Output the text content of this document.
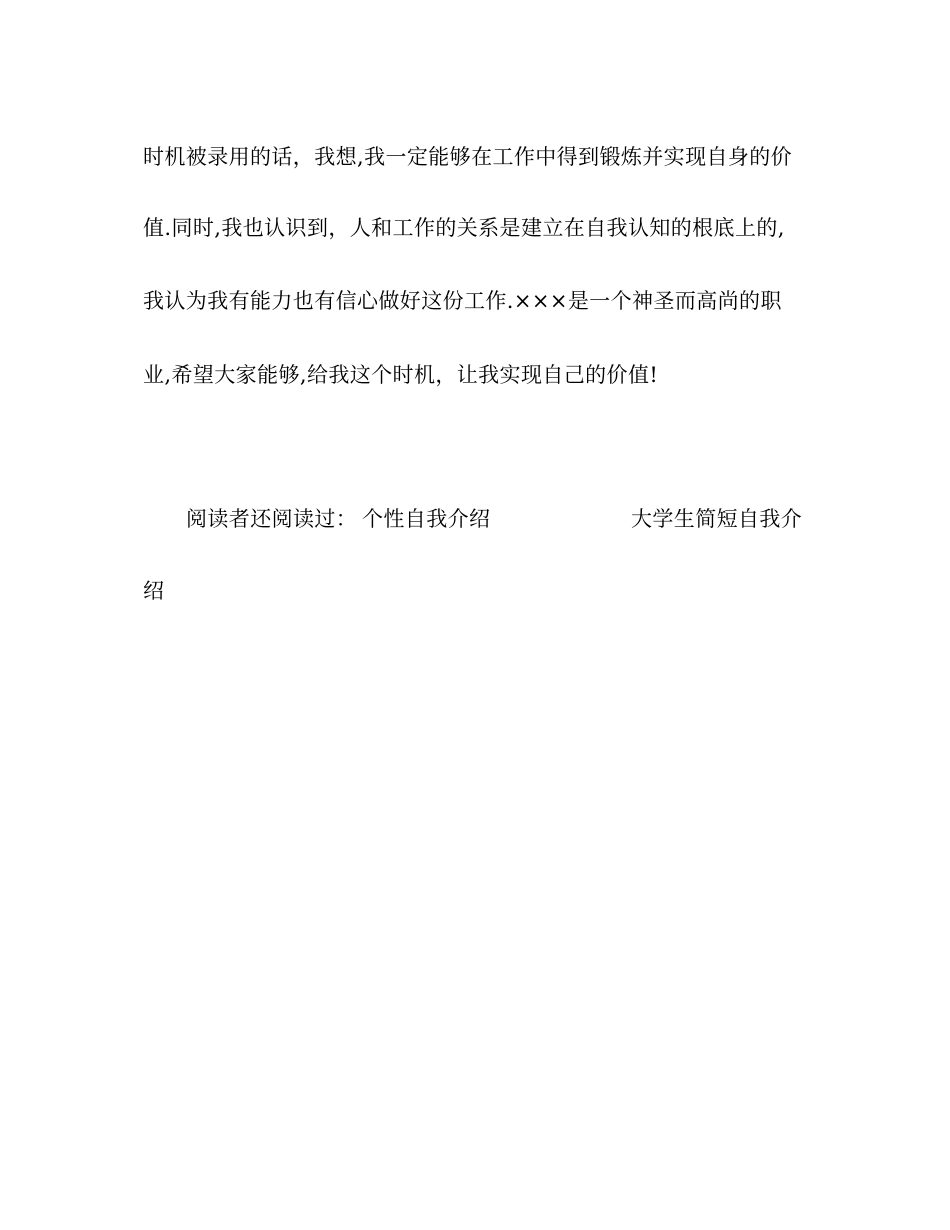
时机被录用的话，我想,我一定能够在工作中得到锻炼并实现自身的价
值.同时,我也认识到，人和工作的关系是建立在自我认知的根底上的,
我认为我有能力也有信心做好这份工作.×××是一个神圣而高尚的职
业,希望大家能够,给我这个时机，让我实现自己的价值!
阅读者还阅读过： 个性自我介绍	大学生简短自我介
绍
